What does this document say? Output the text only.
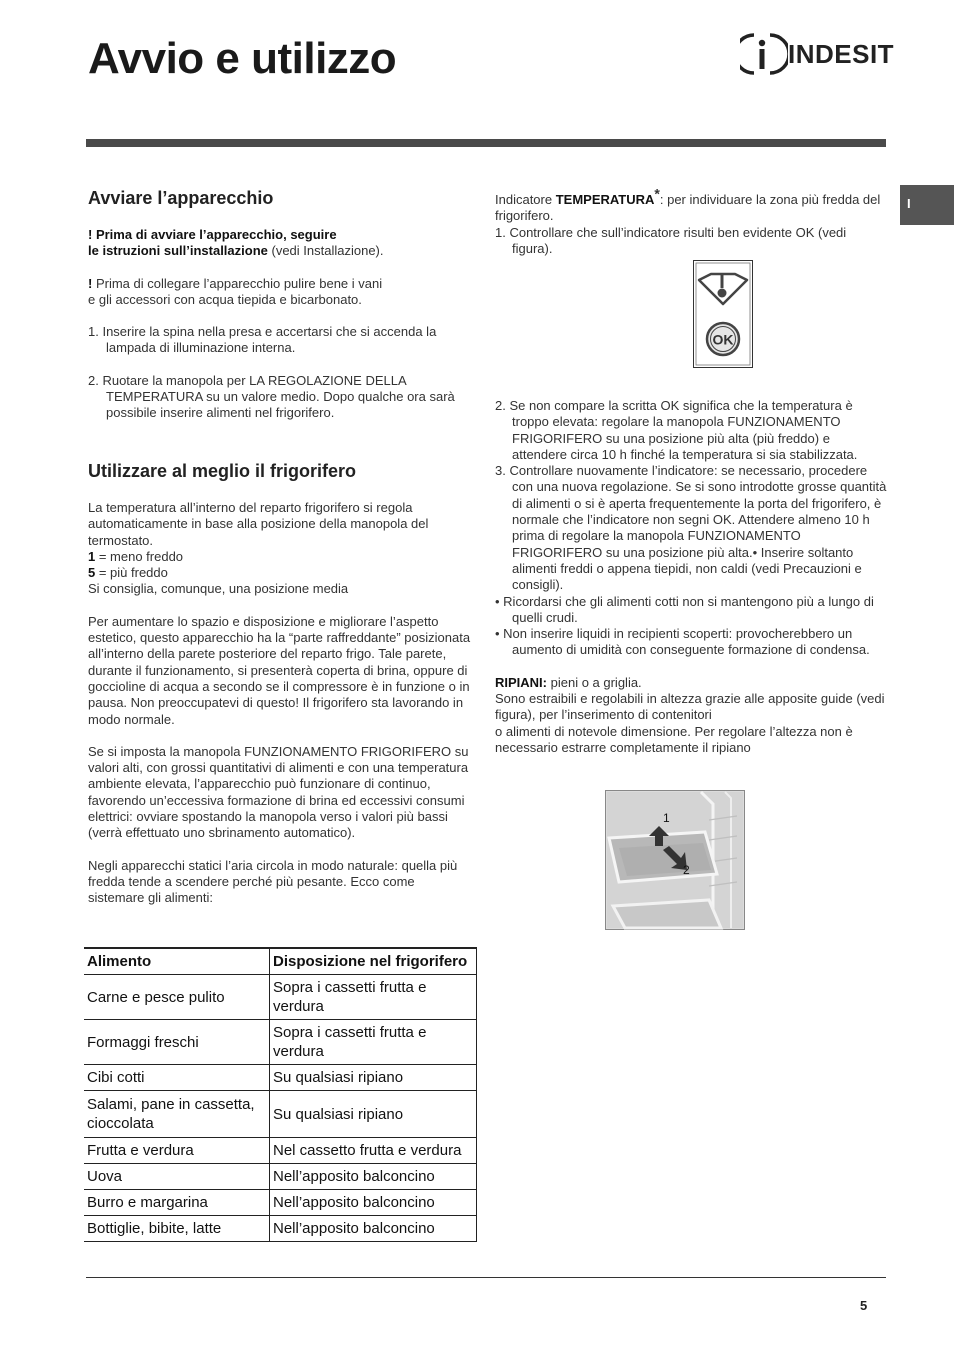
Avvio e utilizzo	INDESIT
I
Avviare l’apparecchio

! Prima di avviare l’apparecchio, seguire
le istruzioni sull’installazione (vedi Installazione).

! Prima di collegare l’apparecchio pulire bene i vani
e gli accessori con acqua tiepida e bicarbonato.

1. Inserire la spina nella presa e accertarsi che si accenda la lampada di illuminazione interna.
2. Ruotare la manopola per LA REGOLAZIONE DELLA TEMPERATURA su un valore medio. Dopo qualche ora sarà possibile inserire alimenti nel frigorifero.
Utilizzare al meglio il frigorifero

La temperatura all’interno del reparto frigorifero si regola automaticamente in base alla posizione della manopola del termostato.

1 = meno freddo

5 = più freddo

Si consiglia, comunque, una posizione media

Per aumentare lo spazio e disposizione e migliorare l’aspetto estetico, questo apparecchio ha la “parte raffreddante” posizionata all’interno della parete posteriore del reparto frigo. Tale parete, durante il funzionamento, si presenterà coperta di brina, oppure di goccioline di acqua a secondo se il compressore è in funzione o in pausa. Non preoccupatevi di questo! Il frigorifero sta lavorando in modo normale.

Se si imposta la manopola FUNZIONAMENTO FRIGORIFERO su valori alti, con grossi quantitativi di alimenti e con una temperatura ambiente elevata, l’apparecchio può funzionare di continuo, favorendo un’eccessiva formazione di brina ed eccessivi consumi elettrici: ovviare spostando la manopola verso i valori più bassi (verrà effettuato uno sbrinamento automatico).

Negli apparecchi statici l’aria circola in modo naturale: quella più fredda tende a scendere perché più pesante. Ecco come sistemare gli alimenti:

Alimento	Disposizione nel frigorifero
Carne e pesce pulito	Sopra i cassetti frutta e verdura
Formaggi freschi	Sopra i cassetti frutta e verdura
Cibi cotti	Su qualsiasi ripiano
Salami, pane in cassetta, cioccolata	Su qualsiasi ripiano
Frutta e verdura	Nel cassetto frutta e verdura
Uova	Nell’apposito balconcino
Burro e margarina	Nell’apposito balconcino
Bottiglie, bibite, latte	Nell’apposito balconcino

Indicatore TEMPERATURA*: per individuare la zona più fredda del frigorifero.

1. Controllare che sull’indicatore risulti ben evidente OK (vedi figura).
OK
2. Se non compare la scritta OK significa che la temperatura è troppo elevata: regolare la manopola FUNZIONAMENTO FRIGORIFERO su una posizione più alta (più freddo) e attendere circa 10 h finché la temperatura si sia stabilizzata.
3. Controllare nuovamente l’indicatore: se necessario, procedere con una nuova regolazione. Se si sono introdotte grosse quantità di alimenti o si è aperta frequentemente la porta del frigorifero, è normale che l’indicatore non segni OK. Attendere almeno 10 h prima di regolare la manopola FUNZIONAMENTO FRIGORIFERO su una posizione più alta.• Inserire soltanto alimenti freddi o appena tiepidi, non caldi (vedi Precauzioni e consigli).
• Ricordarsi che gli alimenti cotti non si mantengono più a lungo di quelli crudi.
• Non inserire liquidi in recipienti scoperti: provocherebbero un aumento di umidità con conseguente formazione di condensa.

RIPIANI: pieni o a griglia.

Sono estraibili e regolabili in altezza grazie alle apposite guide (vedi figura), per l’inserimento di contenitori

o alimenti di notevole dimensione. Per regolare l’altezza non è necessario estrarre completamente il ripiano

1
2
5
